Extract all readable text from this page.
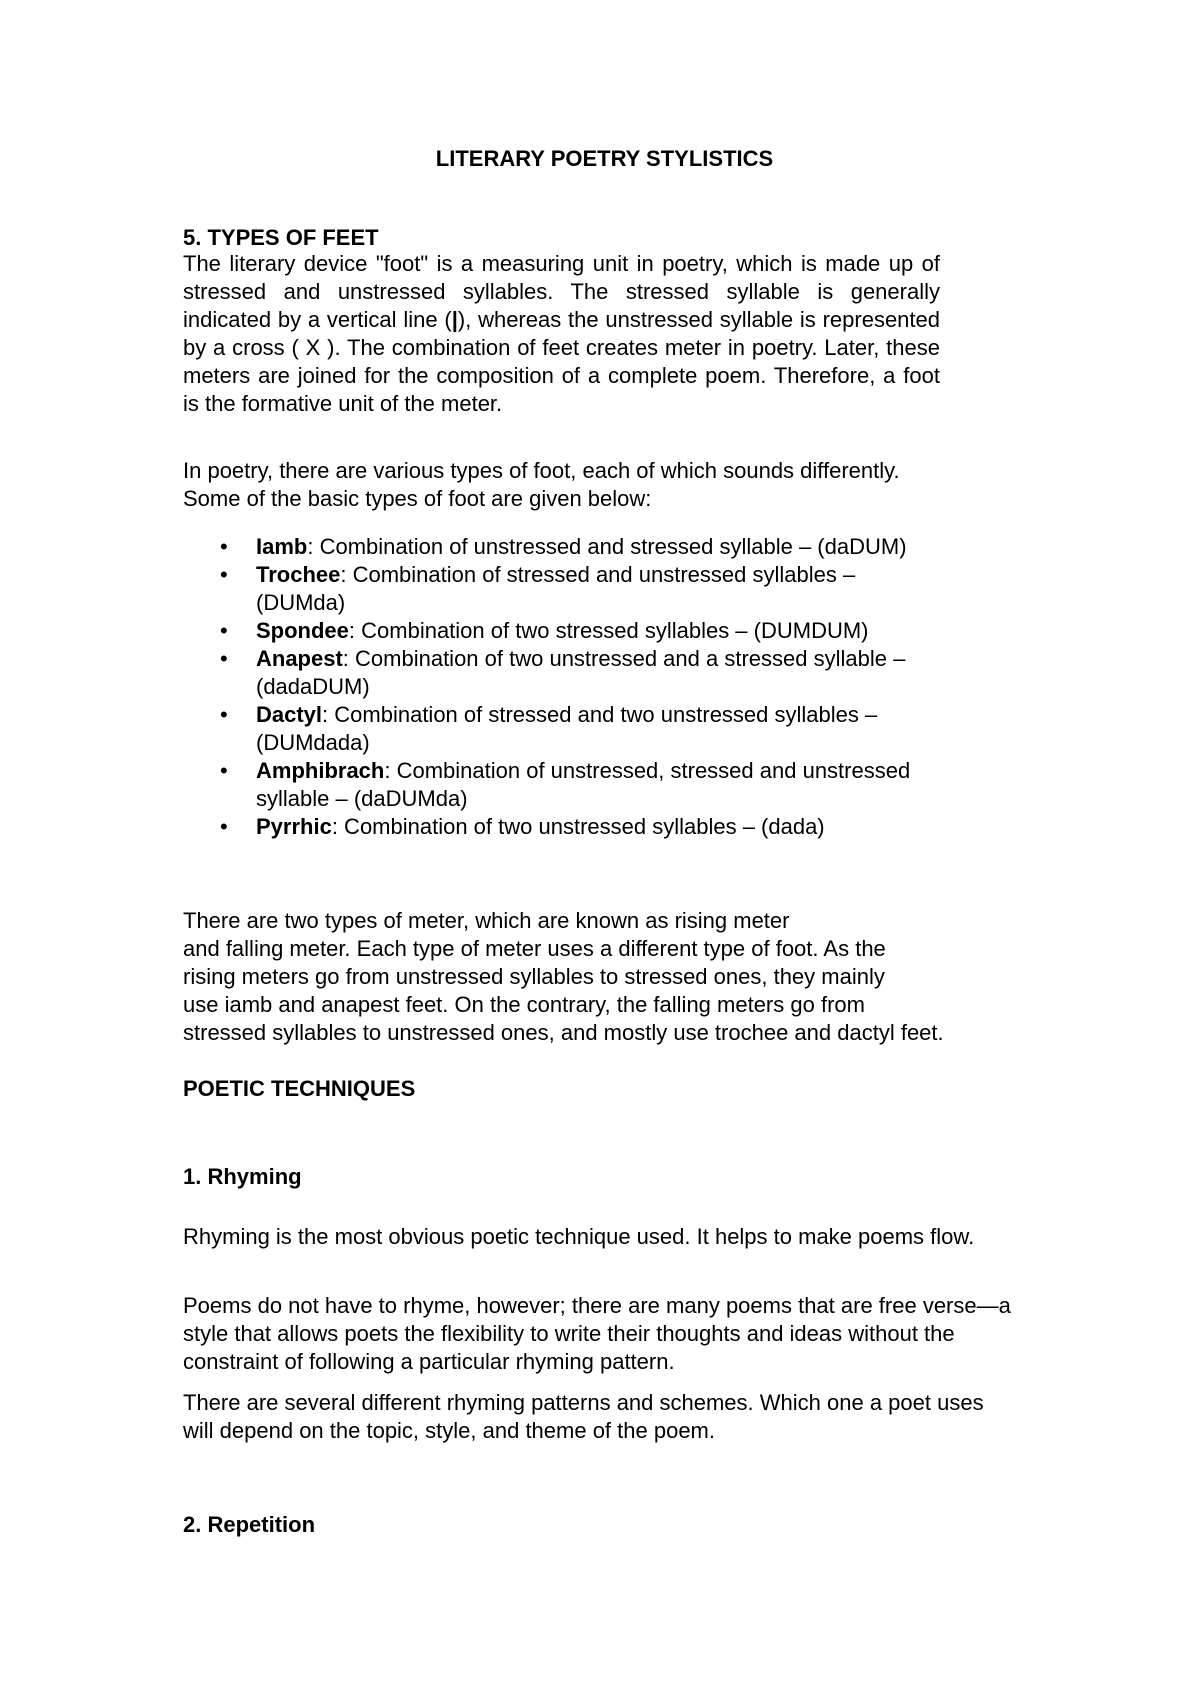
LITERARY POETRY STYLISTICS

5. TYPES OF FEET

The literary device "foot" is a measuring unit in poetry, which is made up of stressed and unstressed syllables. The stressed syllable is generally indicated by a vertical line (|), whereas the unstressed syllable is represented by a cross ( X ). The combination of feet creates meter in poetry. Later, these meters are joined for the composition of a complete poem. Therefore, a foot is the formative unit of the meter.

In poetry, there are various types of foot, each of which sounds differently.

Some of the basic types of foot are given below:

• Iamb: Combination of unstressed and stressed syllable – (daDUM)
• Trochee: Combination of stressed and unstressed syllables – (DUMda)
• Spondee: Combination of two stressed syllables – (DUMDUM)
• Anapest: Combination of two unstressed and a stressed syllable – (dadaDUM)
• Dactyl: Combination of stressed and two unstressed syllables – (DUMdada)
• Amphibrach: Combination of unstressed, stressed and unstressed syllable – (daDUMda)
• Pyrrhic: Combination of two unstressed syllables – (dada)

There are two types of meter, which are known as rising meter

and falling meter. Each type of meter uses a different type of foot. As the

rising meters go from unstressed syllables to stressed ones, they mainly

use iamb and anapest feet. On the contrary, the falling meters go from

stressed syllables to unstressed ones, and mostly use trochee and dactyl feet.

POETIC TECHNIQUES

1. Rhyming

Rhyming is the most obvious poetic technique used. It helps to make poems flow.

Poems do not have to rhyme, however; there are many poems that are free verse—a style that allows poets the flexibility to write their thoughts and ideas without the constraint of following a particular rhyming pattern.

There are several different rhyming patterns and schemes. Which one a poet uses will depend on the topic, style, and theme of the poem.

2. Repetition
